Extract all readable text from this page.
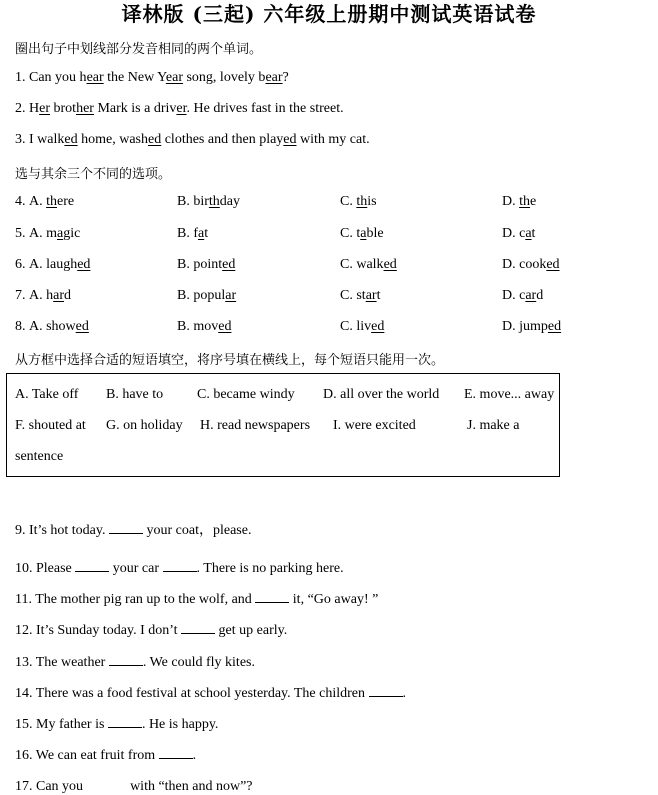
译林版 (三起) 六年级上册期中测试英语试卷
圈出句子中划线部分发音相同的两个单词。
1. Can you hear the New Year song, lovely bear?
2. Her brother Mark is a driver. He drives fast in the street.
3. I walked home, washed clothes and then played with my cat.
选与其余三个不同的选项。
4. A. there	B. birthday	C. this	D. the
5. A. magic	B. fat	C. table	D. cat
6. A. laughed	B. pointed	C. walked	D. cooked
7. A. hard	B. popular	C. start	D. card
8. A. showed	B. moved	C. lived	D. jumped
从方框中选择合适的短语填空，将序号填在横线上，每个短语只能用一次。
A. Take off B. have to C. became windy D. all over the world E. move... away
F. shouted at G. on holiday H. read newspapers I. were excited	J. make a
sentence
9. It’s hot today.  your coat，please.
10. Please  your car . There is no parking here.
11. The mother pig ran up to the wolf, and  it, “Go away! ”
12. It’s Sunday today. I don’t  get up early.
13. The weather . We could fly kites.
14. There was a food festival at school yesterday. The children .
15. My father is . He is happy.
16. We can eat fruit from .
17. Can you	with “then and now”?
